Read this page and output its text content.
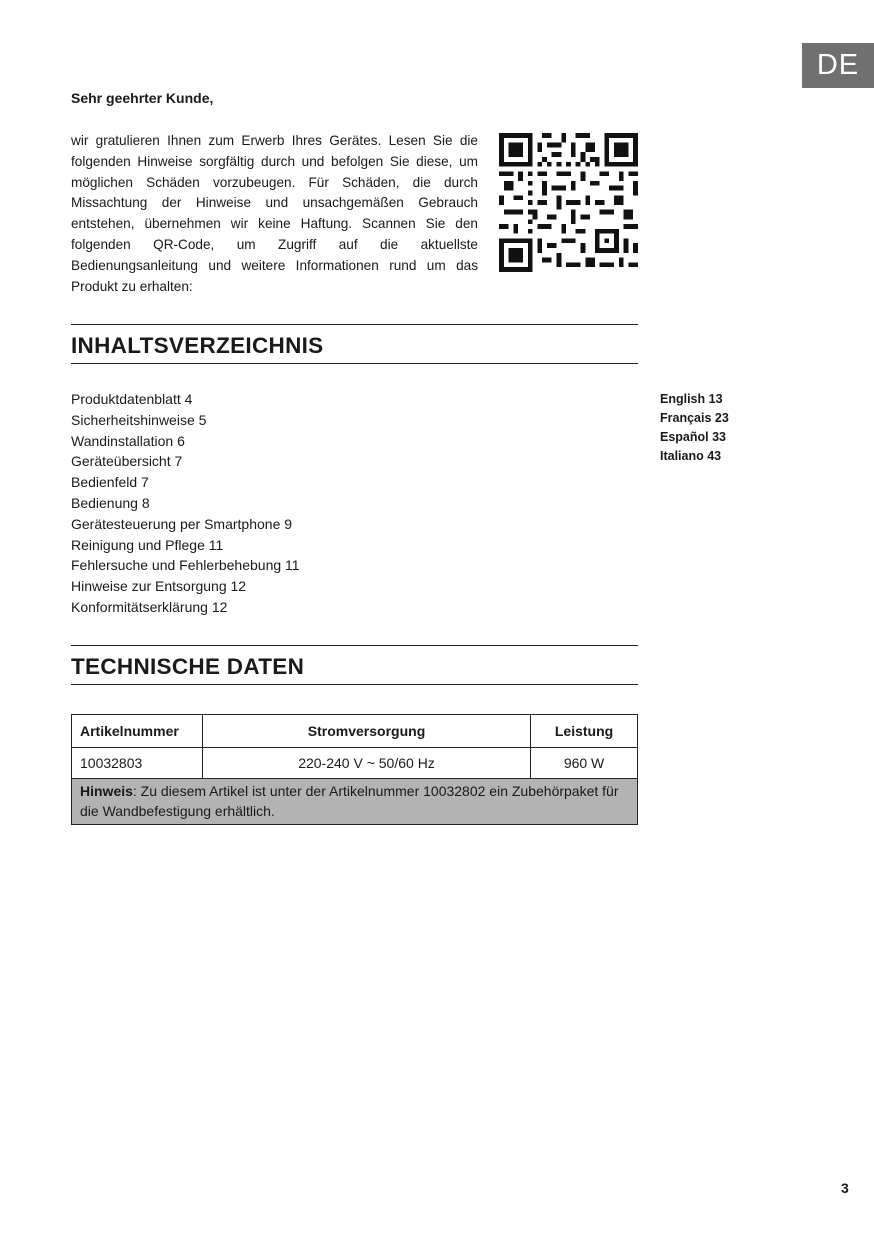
DE
Sehr geehrter Kunde,

wir gratulieren Ihnen zum Erwerb Ihres Gerätes. Lesen Sie die folgenden Hinweise sorgfältig durch und befolgen Sie diese, um möglichen Schäden vorzubeugen. Für Schäden, die durch Missachtung der Hinweise und unsachgemäßen Gebrauch entstehen, übernehmen wir keine Haftung. Scannen Sie den folgenden QR-Code, um Zugriff auf die aktuellste Bedienungsanleitung und weitere Informationen rund um das Produkt zu erhalten:

INHALTSVERZEICHNIS
Produktdatenblatt 4
Sicherheitshinweise 5
Wandinstallation 6
Geräteübersicht 7
Bedienfeld 7
Bedienung 8
Gerätesteuerung per Smartphone 9
Reinigung und Pflege 11
Fehlersuche und Fehlerbehebung 11
Hinweise zur Entsorgung 12
Konformitätserklärung 12
English 13
Français 23
Español 33
Italiano 43
TECHNISCHE DATEN
Artikelnummer	Stromversorgung	Leistung
10032803	220-240 V ~ 50/60 Hz	960 W
Hinweis: Zu diesem Artikel ist unter der Artikelnummer 10032802 ein Zubehörpaket für die Wandbefestigung erhältlich.		
3
